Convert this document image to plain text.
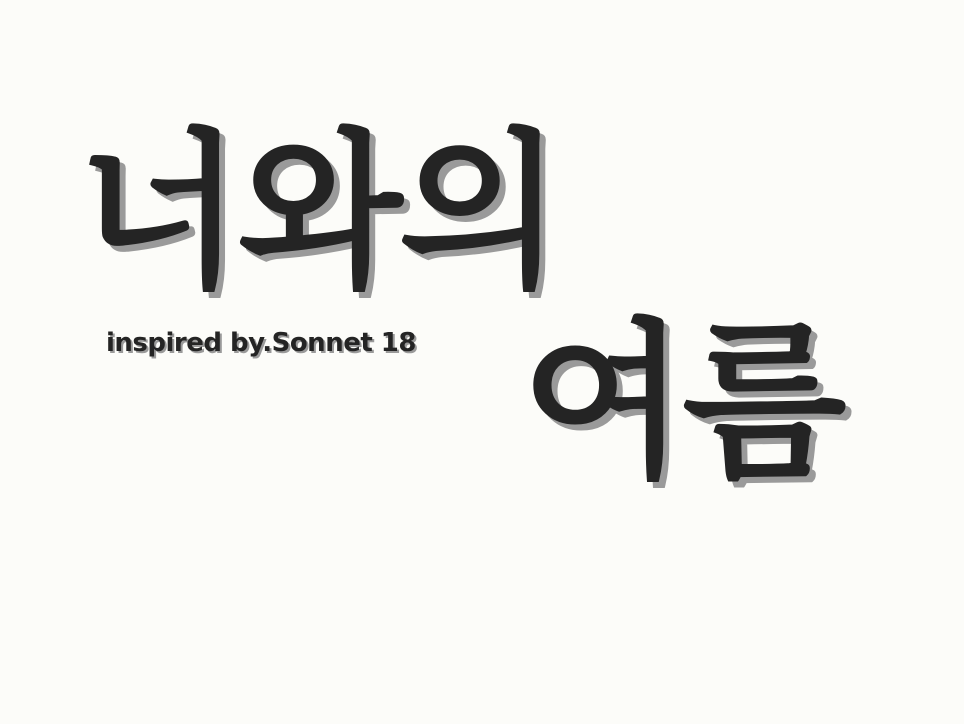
너와의
inspired by.Sonnet 18 여름
